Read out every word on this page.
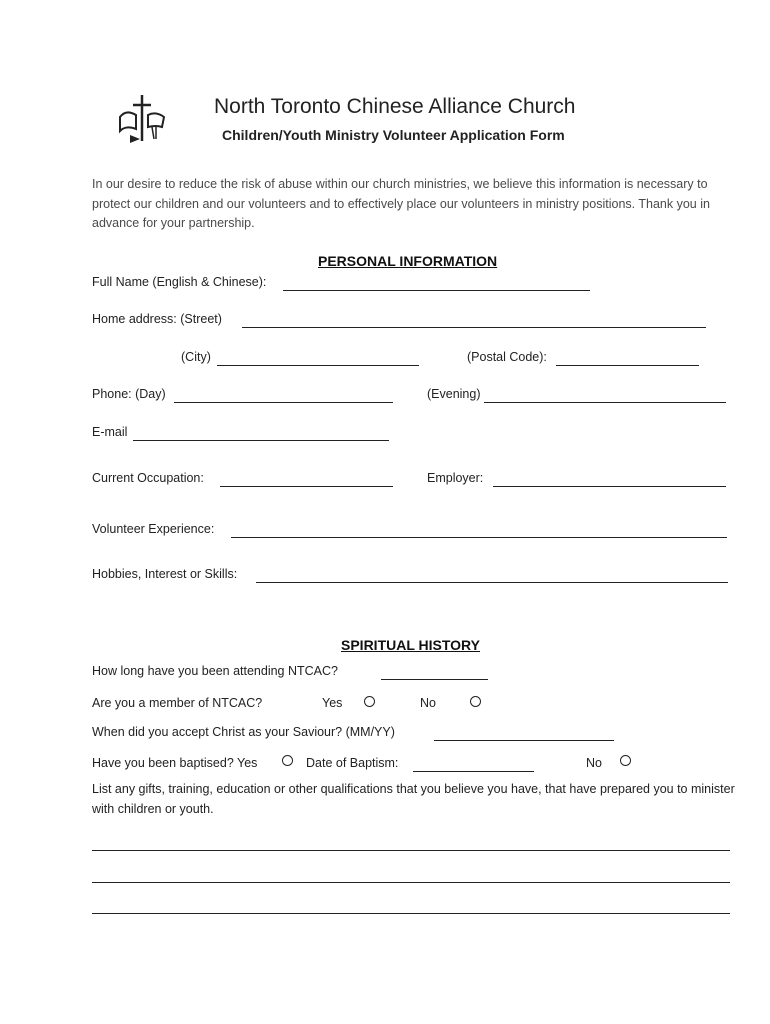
North Toronto Chinese Alliance Church
Children/Youth Ministry Volunteer Application Form
In our desire to reduce the risk of abuse within our church ministries, we believe this information is necessary to protect our children and our volunteers and to effectively place our volunteers in ministry positions. Thank you in advance for your partnership.
PERSONAL INFORMATION
Full Name (English & Chinese):
Home address: (Street)
(City)	(Postal Code):
Phone: (Day)	(Evening)
E-mail
Current Occupation:	Employer:
Volunteer Experience:
Hobbies, Interest or Skills:
SPIRITUAL HISTORY
How long have you been attending NTCAC?
Are you a member of NTCAC?	Yes	No
When did you accept Christ as your Saviour? (MM/YY)
Have you been baptised? Yes	Date of Baptism:	No
List any gifts, training, education or other qualifications that you believe you have, that have prepared you to minister with children or youth.
